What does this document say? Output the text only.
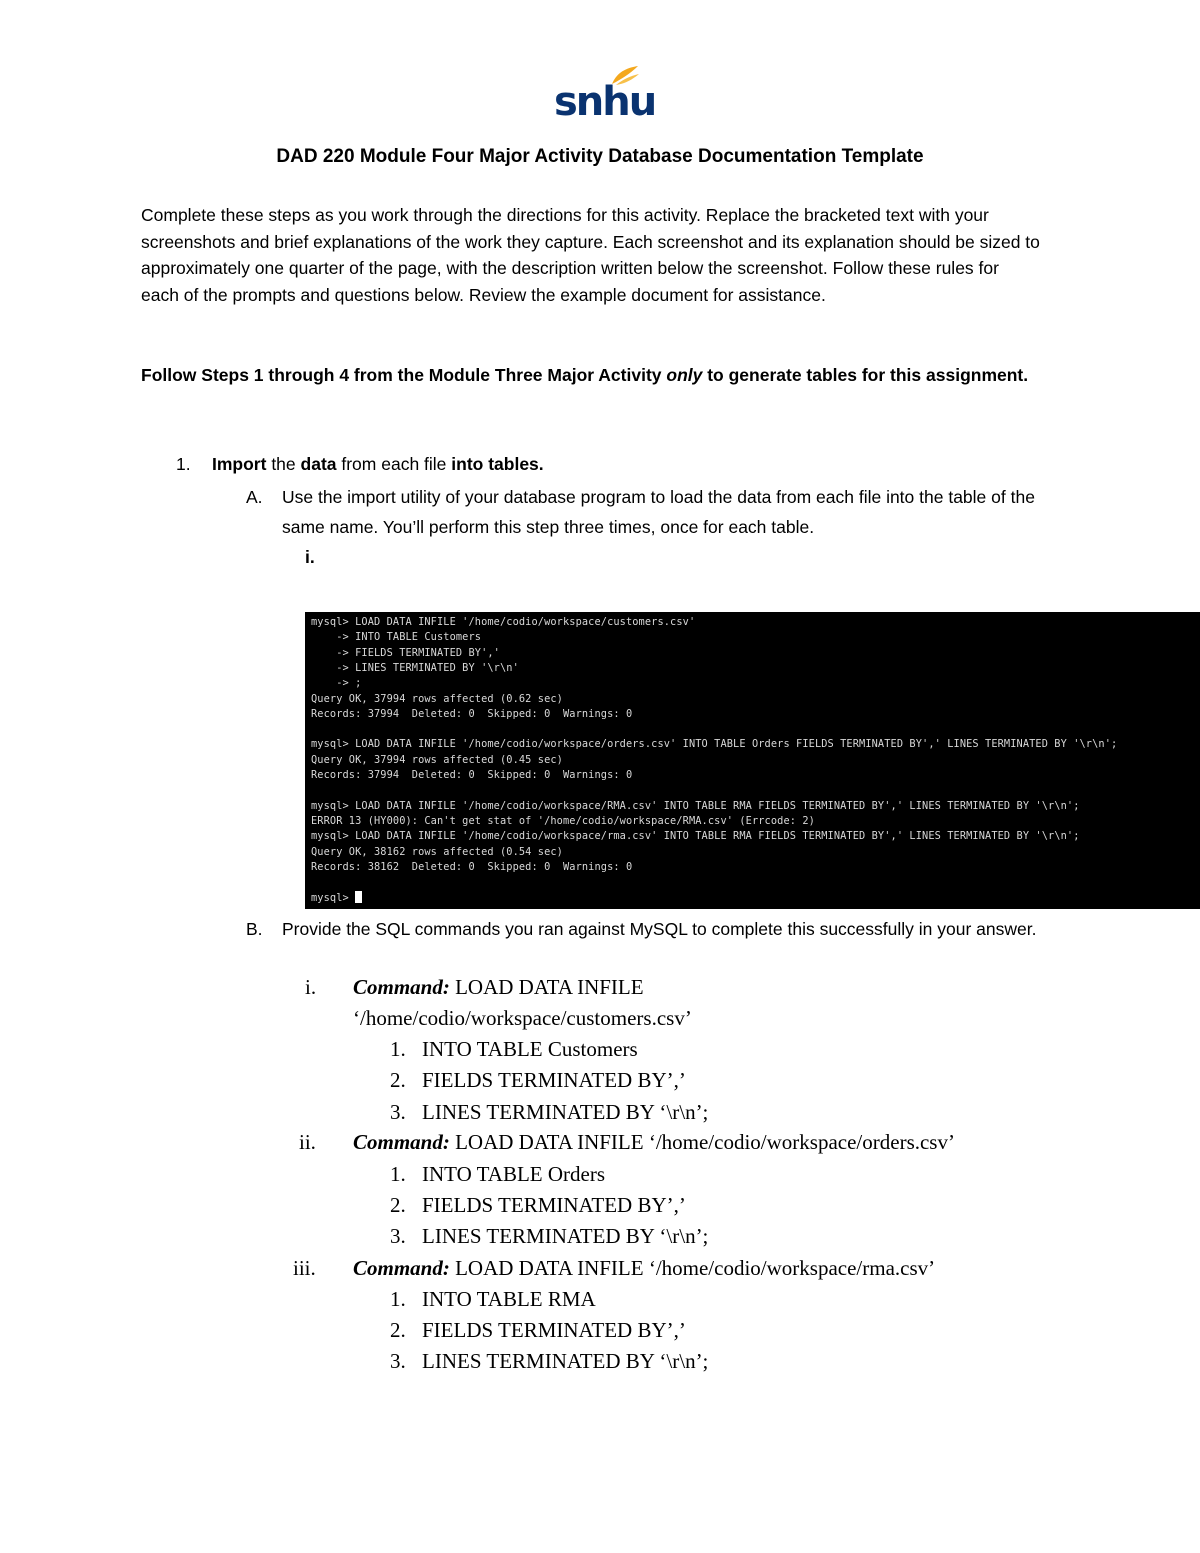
snhu
DAD 220 Module Four Major Activity Database Documentation Template

Complete these steps as you work through the directions for this activity. Replace the bracketed text with your screenshots and brief explanations of the work they capture. Each screenshot and its explanation should be sized to approximately one quarter of the page, with the description written below the screenshot. Follow these rules for each of the prompts and questions below. Review the example document for assistance.

Follow Steps 1 through 4 from the Module Three Major Activity only to generate tables for this assignment.
1.	Import the data from each file into tables.
A. Use the import utility of your database program to load the data from each file into the table of the same name. You’ll perform this step three times, once for each table.
i.
mysql> LOAD DATA INFILE '/home/codio/workspace/customers.csv'
-> INTO TABLE Customers
-> FIELDS TERMINATED BY','
-> LINES TERMINATED BY '\r\n'
-> ;
Query OK, 37994 rows affected (0.62 sec)
Records: 37994  Deleted: 0  Skipped: 0  Warnings: 0
mysql> LOAD DATA INFILE '/home/codio/workspace/orders.csv' INTO TABLE Orders FIELDS TERMINATED BY',' LINES TERMINATED BY '\r\n';
Query OK, 37994 rows affected (0.45 sec)
Records: 37994  Deleted: 0  Skipped: 0  Warnings: 0
mysql> LOAD DATA INFILE '/home/codio/workspace/RMA.csv' INTO TABLE RMA FIELDS TERMINATED BY',' LINES TERMINATED BY '\r\n';
ERROR 13 (HY000): Can't get stat of '/home/codio/workspace/RMA.csv' (Errcode: 2)
mysql> LOAD DATA INFILE '/home/codio/workspace/rma.csv' INTO TABLE RMA FIELDS TERMINATED BY',' LINES TERMINATED BY '\r\n';
Query OK, 38162 rows affected (0.54 sec)
Records: 38162  Deleted: 0  Skipped: 0  Warnings: 0
mysql>
B. Provide the SQL commands you ran against MySQL to complete this successfully in your answer.
i. Command: LOAD DATA INFILE
‘/home/codio/workspace/customers.csv’
1. INTO TABLE Customers
2. FIELDS TERMINATED BY’,’
3. LINES TERMINATED BY ‘\r\n’;
ii. Command: LOAD DATA INFILE ‘/home/codio/workspace/orders.csv’
1. INTO TABLE Orders
2. FIELDS TERMINATED BY’,’
3. LINES TERMINATED BY ‘\r\n’;
iii. Command: LOAD DATA INFILE ‘/home/codio/workspace/rma.csv’
1. INTO TABLE RMA
2. FIELDS TERMINATED BY’,’
3. LINES TERMINATED BY ‘\r\n’;
